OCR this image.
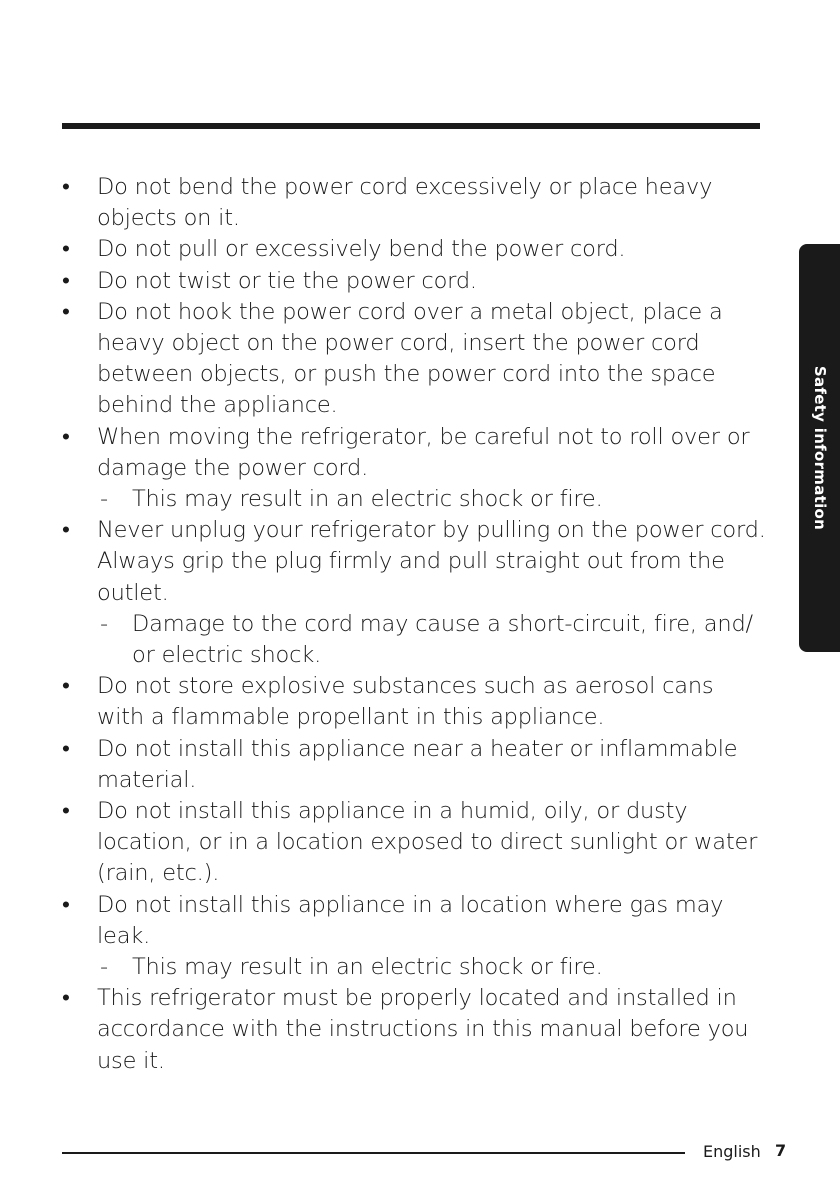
• Do not bend the power cord excessively or place heavy objects on it.
• Do not pull or excessively bend the power cord.
• Do not twist or tie the power cord.
• Do not hook the power cord over a metal object, place a heavy object on the power cord, insert the power cord between objects, or push the power cord into the space behind the appliance.
• When moving the refrigerator, be careful not to roll over or damage the power cord.
- This may result in an electric shock or fire.
• Never unplug your refrigerator by pulling on the power cord. Always grip the plug firmly and pull straight out from the outlet.
- Damage to the cord may cause a short-circuit, fire, and/ or electric shock.
• Do not store explosive substances such as aerosol cans with a flammable propellant in this appliance.
• Do not install this appliance near a heater or inflammable material.
• Do not install this appliance in a humid, oily, or dusty location, or in a location exposed to direct sunlight or water (rain, etc.).
• Do not install this appliance in a location where gas may leak.
- This may result in an electric shock or fire.
• This refrigerator must be properly located and installed in accordance with the instructions in this manual before you use it.
Safety information
English 7
